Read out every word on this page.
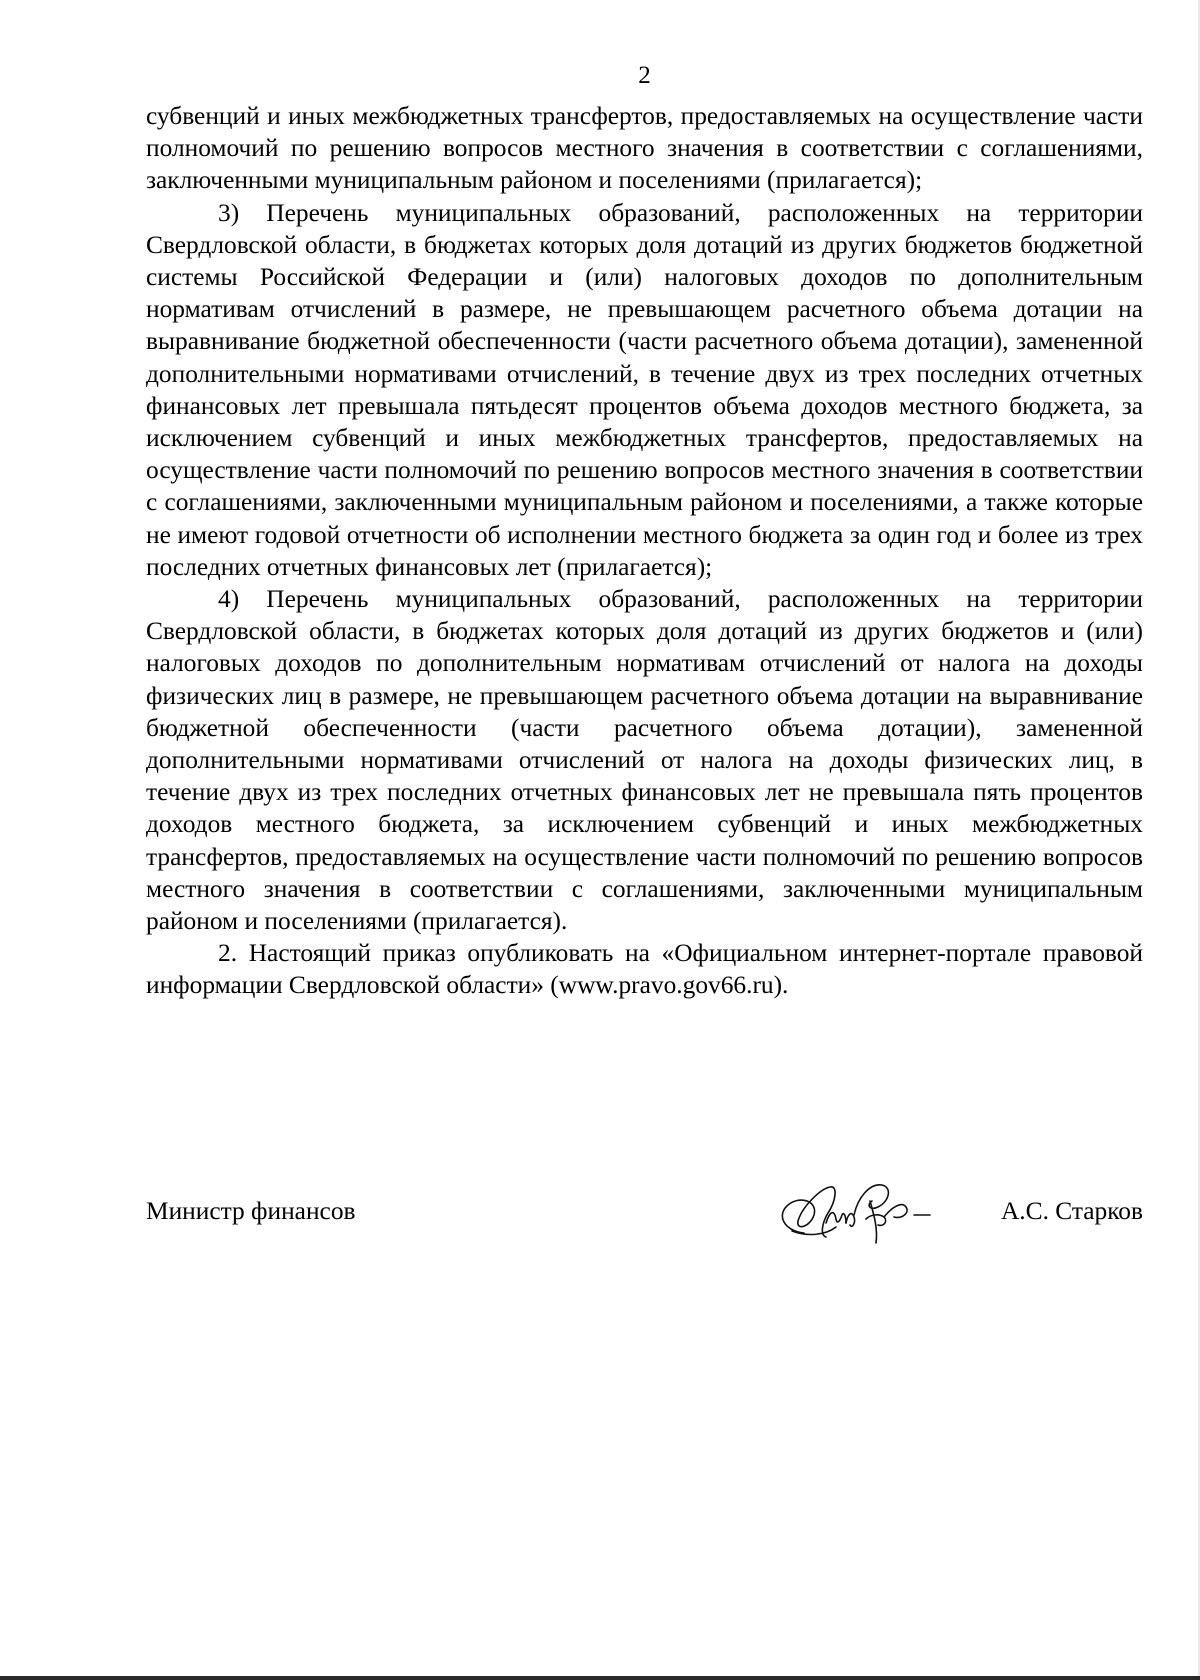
2

субвенций и иных межбюджетных трансфертов, предоставляемых на осуществление части полномочий по решению вопросов местного значения в соответствии с соглашениями, заключенными муниципальным районом и поселениями (прилагается);

3) Перечень муниципальных образований, расположенных на территории Свердловской области, в бюджетах которых доля дотаций из других бюджетов бюджетной системы Российской Федерации и (или) налоговых доходов по дополнительным нормативам отчислений в размере, не превышающем расчетного объема дотации на выравнивание бюджетной обеспеченности (части расчетного объема дотации), замененной дополнительными нормативами отчислений, в течение двух из трех последних отчетных финансовых лет превышала пятьдесят процентов объема доходов местного бюджета, за исключением субвенций и иных межбюджетных трансфертов, предоставляемых на осуществление части полномочий по решению вопросов местного значения в соответствии с соглашениями, заключенными муниципальным районом и поселениями, а также которые не имеют годовой отчетности об исполнении местного бюджета за один год и более из трех последних отчетных финансовых лет (прилагается);

4) Перечень муниципальных образований, расположенных на территории Свердловской области, в бюджетах которых доля дотаций из других бюджетов и (или) налоговых доходов по дополнительным нормативам отчислений от налога на доходы физических лиц в размере, не превышающем расчетного объема дотации на выравнивание бюджетной обеспеченности (части расчетного объема дотации), замененной дополнительными нормативами отчислений от налога на доходы физических лиц, в течение двух из трех последних отчетных финансовых лет не превышала пять процентов доходов местного бюджета, за исключением субвенций и иных межбюджетных трансфертов, предоставляемых на осуществление части полномочий по решению вопросов местного значения в соответствии с соглашениями, заключенными муниципальным районом и поселениями (прилагается).

2. Настоящий приказ опубликовать на «Официальном интернет-портале правовой информации Свердловской области» (www.pravo.gov66.ru).

Министр финансов	А.С. Старков
